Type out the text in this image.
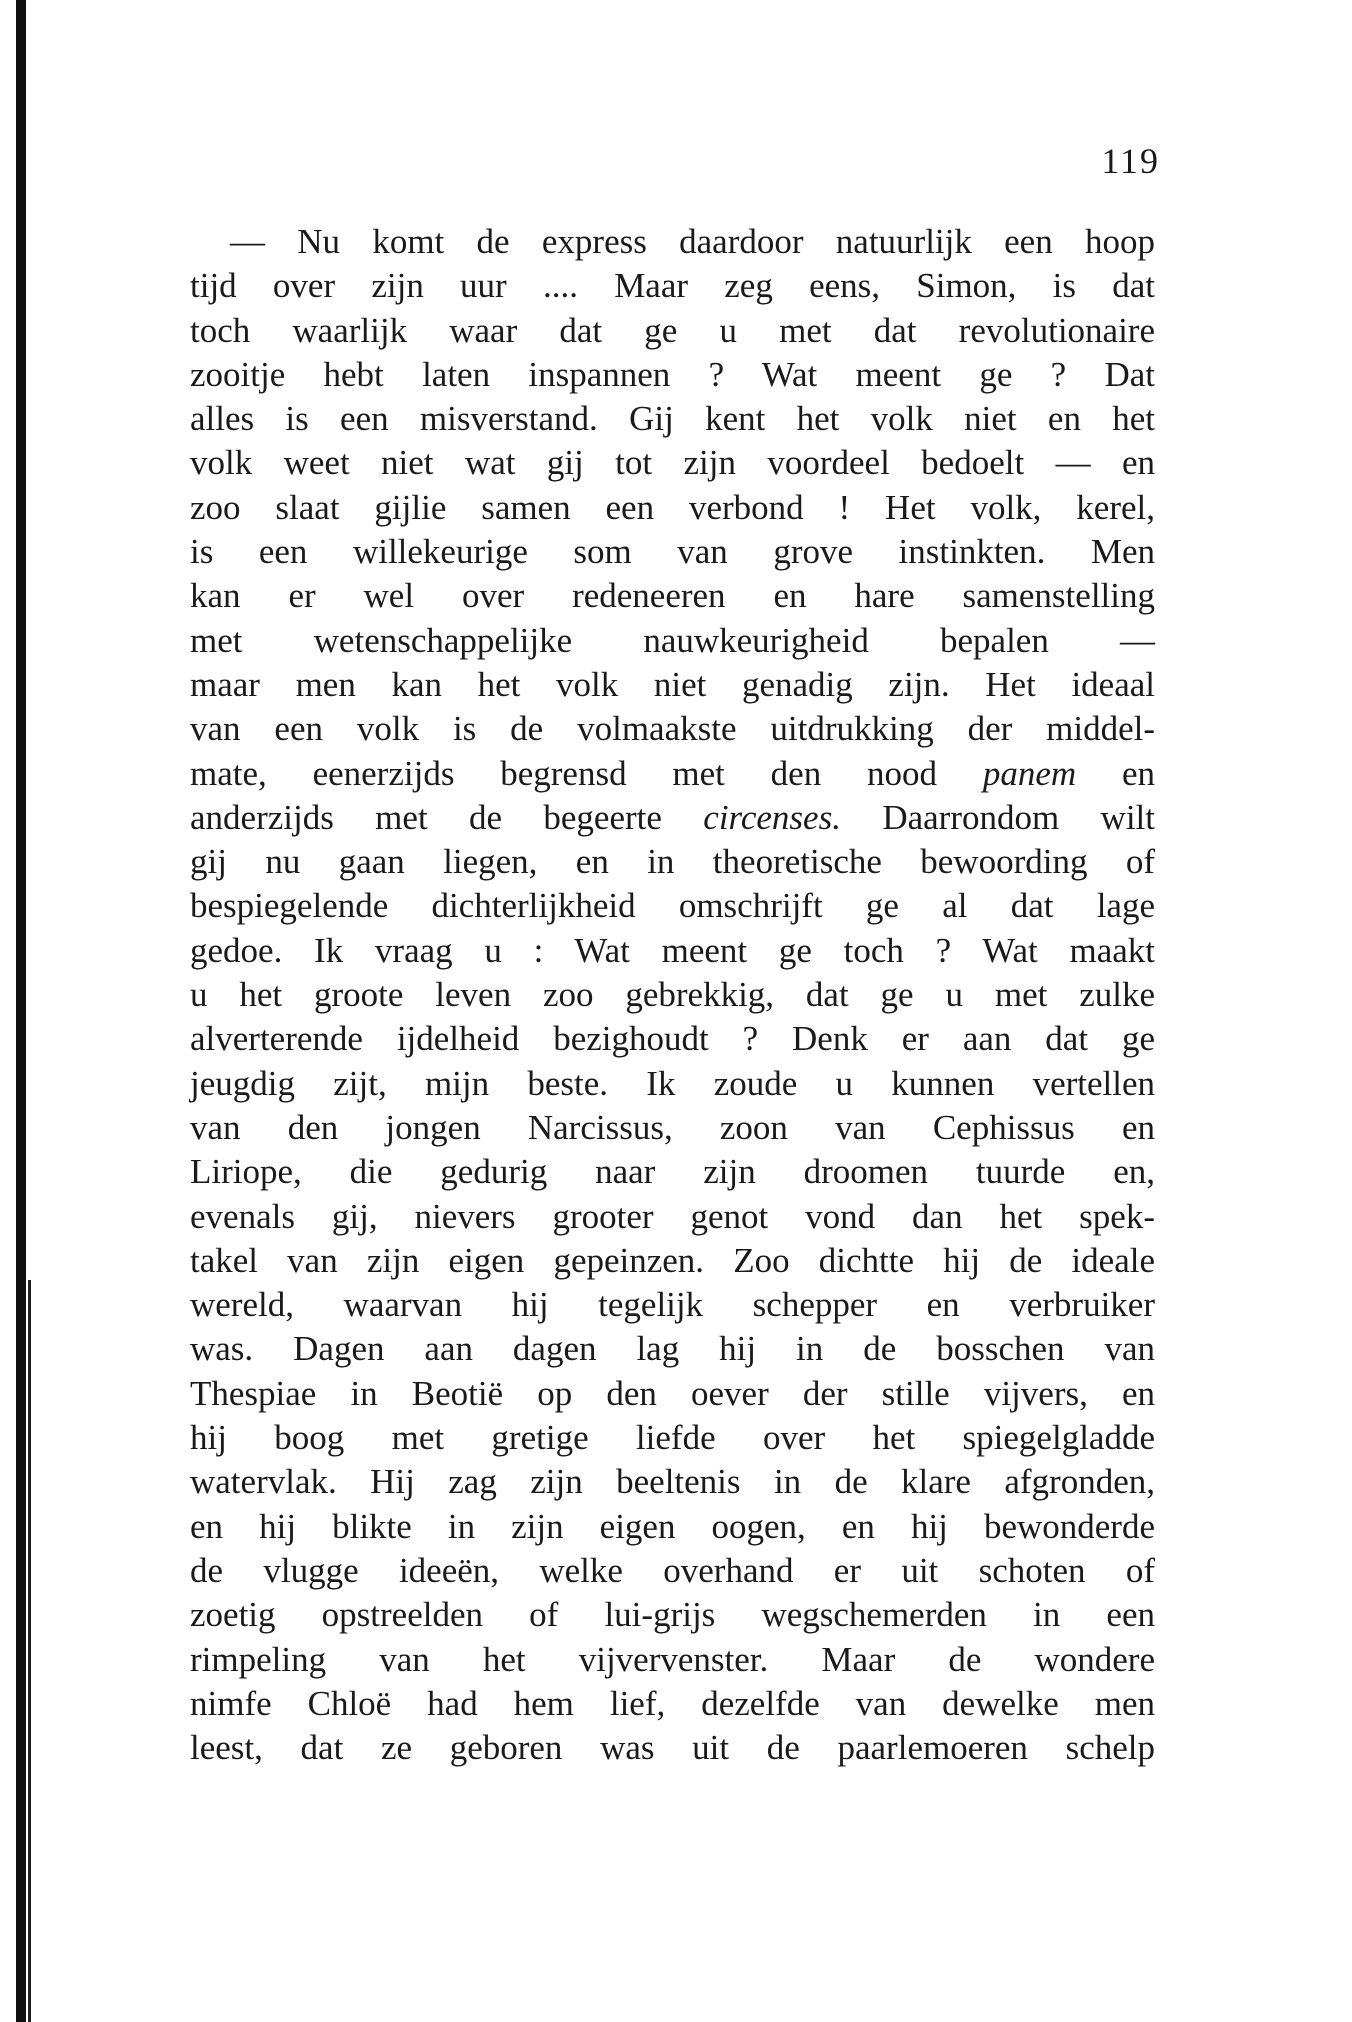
119
— Nu komt de express daardoor natuurlijk een hoop
tijd over zijn uur .... Maar zeg eens, Simon, is dat
toch waarlijk waar dat ge u met dat revolutionaire
zooitje hebt laten inspannen ? Wat meent ge ? Dat
alles is een misverstand. Gij kent het volk niet en het
volk weet niet wat gij tot zijn voordeel bedoelt — en
zoo slaat gijlie samen een verbond ! Het volk, kerel,
is een willekeurige som van grove instinkten. Men
kan er wel over redeneeren en hare samenstelling
met wetenschappelijke nauwkeurigheid bepalen —
maar men kan het volk niet genadig zijn. Het ideaal
van een volk is de volmaakste uitdrukking der middel-
mate, eenerzijds begrensd met den nood panem en
anderzijds met de begeerte circenses. Daarrondom wilt
gij nu gaan liegen, en in theoretische bewoording of
bespiegelende dichterlijkheid omschrijft ge al dat lage
gedoe. Ik vraag u : Wat meent ge toch ? Wat maakt
u het groote leven zoo gebrekkig, dat ge u met zulke
alverterende ijdelheid bezighoudt ? Denk er aan dat ge
jeugdig zijt, mijn beste. Ik zoude u kunnen vertellen
van den jongen Narcissus, zoon van Cephissus en
Liriope, die gedurig naar zijn droomen tuurde en,
evenals gij, nievers grooter genot vond dan het spek-
takel van zijn eigen gepeinzen. Zoo dichtte hij de ideale
wereld, waarvan hij tegelijk schepper en verbruiker
was. Dagen aan dagen lag hij in de bosschen van
Thespiae in Beotië op den oever der stille vijvers, en
hij boog met gretige liefde over het spiegelgladde
watervlak. Hij zag zijn beeltenis in de klare afgronden,
en hij blikte in zijn eigen oogen, en hij bewonderde
de vlugge ideeën, welke overhand er uit schoten of
zoetig opstreelden of lui-grijs wegschemerden in een
rimpeling van het vijvervenster. Maar de wondere
nimfe Chloë had hem lief, dezelfde van dewelke men
leest, dat ze geboren was uit de paarlemoeren schelp
